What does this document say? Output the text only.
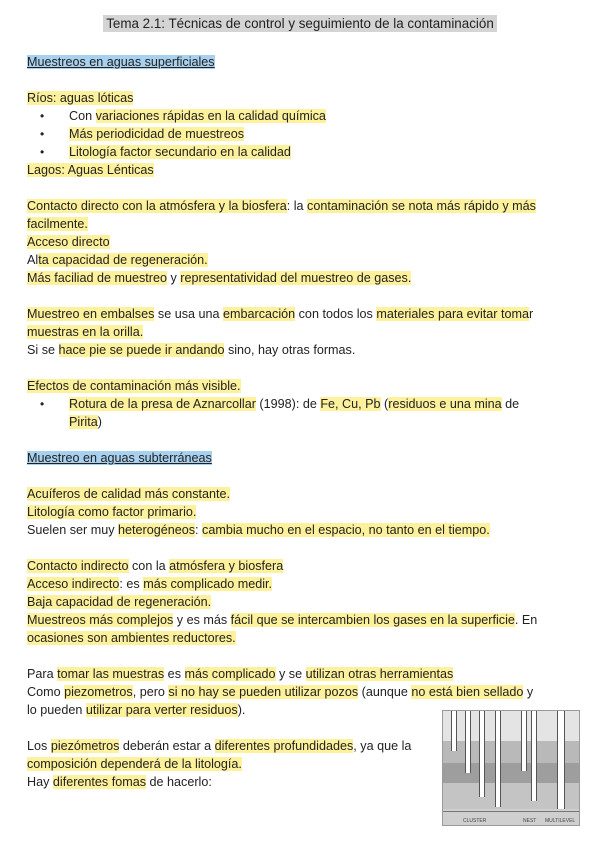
Tema 2.1: Técnicas de control y seguimiento de la contaminación
Muestreos en aguas superficiales
Ríos: aguas lóticas
• Con variaciones rápidas en la calidad química
• Más periodicidad de muestreos
• Litología factor secundario en la calidad
Lagos: Aguas Lénticas
Contacto directo con la atmósfera y la biosfera: la contaminación se nota más rápido y más
facilmente.
Acceso directo
Alta capacidad de regeneración.
Más faciliad de muestreo y representatividad del muestreo de gases.
Muestreo en embalses se usa una embarcación con todos los materiales para evitar tomar
muestras en la orilla.
Si se hace pie se puede ir andando sino, hay otras formas.
Efectos de contaminación más visible.
• Rotura de la presa de Aznarcollar (1998): de Fe, Cu, Pb (residuos e una mina de
Pirita)
Muestreo en aguas subterráneas
Acuíferos de calidad más constante.
Litología como factor primario.
Suelen ser muy heterogéneos: cambia mucho en el espacio, no tanto en el tiempo.
Contacto indirecto con la atmósfera y biosfera
Acceso indirecto: es más complicado medir.
Baja capacidad de regeneración.
Muestreos más complejos y es más fácil que se intercambien los gases en la superficie. En
ocasiones son ambientes reductores.
Para tomar las muestras es más complicado y se utilizan otras herramientas
Como piezometros, pero si no hay se pueden utilizar pozos (aunque no está bien sellado y
lo pueden utilizar para verter residuos).
Los piezómetros deberán estar a diferentes profundidades, ya que la
composición dependerá de la litología.
Hay diferentes fomas de hacerlo:
CLUSTER	NEST MULTILEVEL
